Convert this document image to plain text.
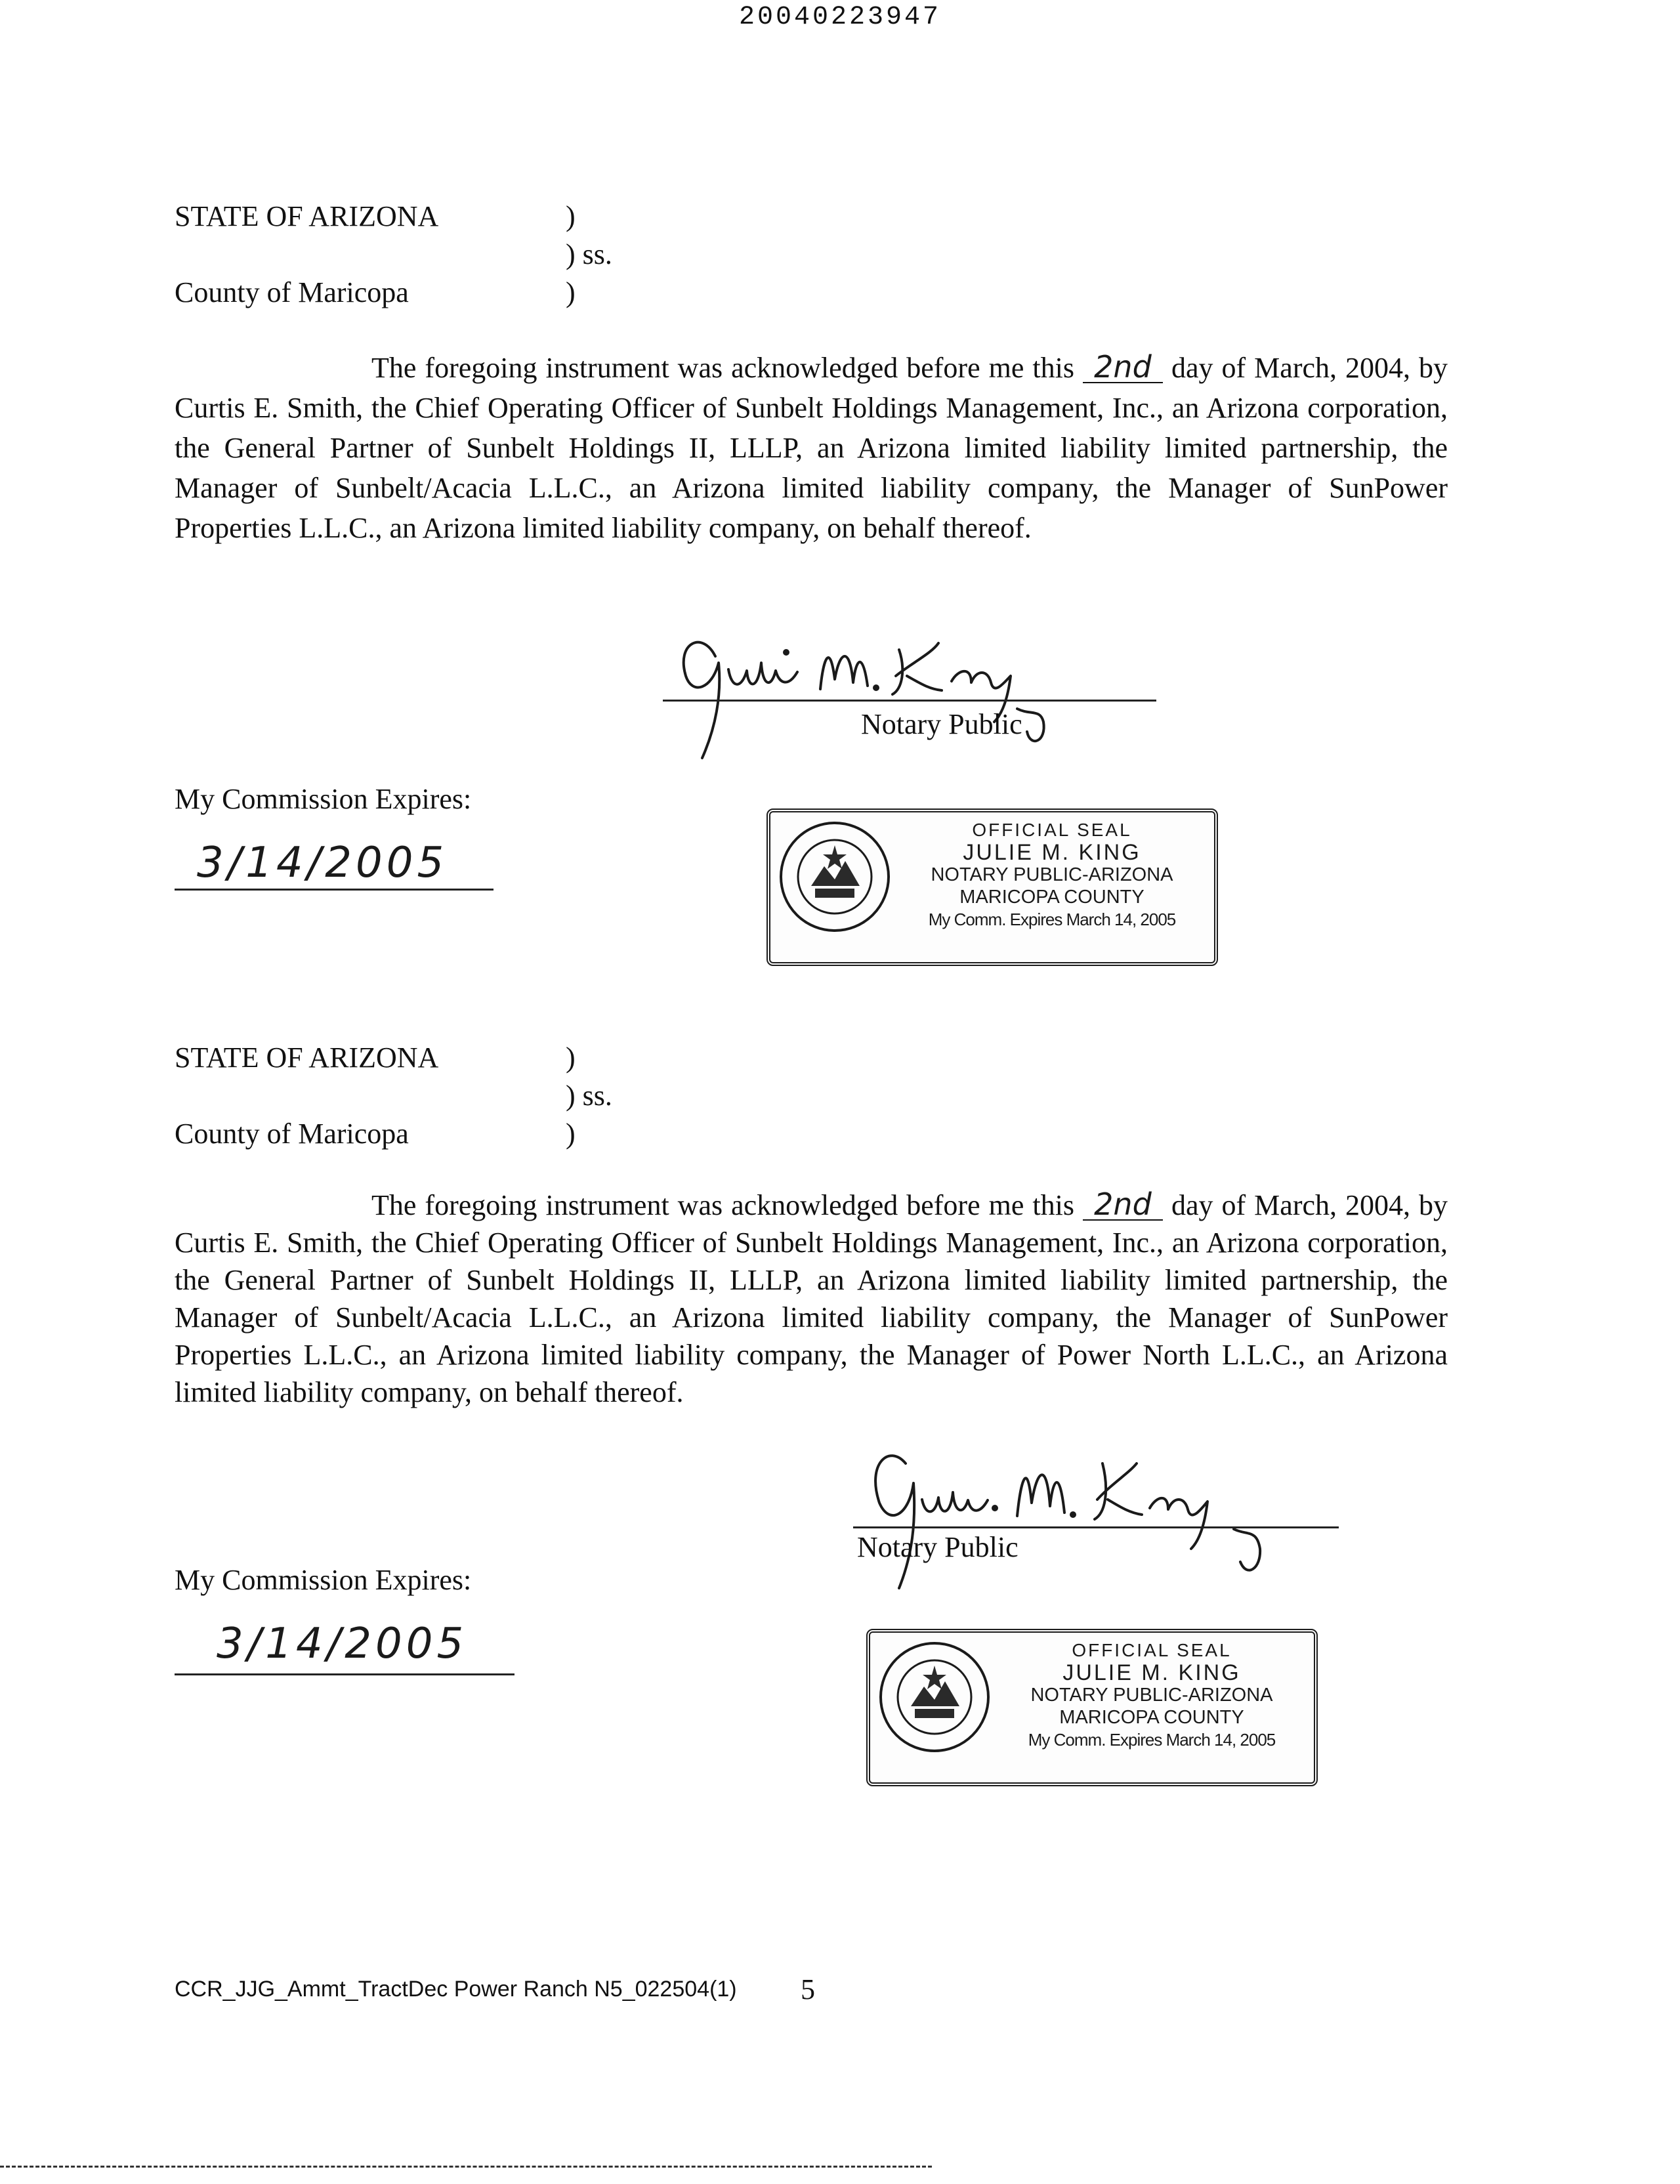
20040223947
STATE OF ARIZONA	)
) ss.
County of Maricopa	)
The foregoing instrument was acknowledged before me this 2nd day of March, 2004, by Curtis E. Smith, the Chief Operating Officer of Sunbelt Holdings Management, Inc., an Arizona corporation, the General Partner of Sunbelt Holdings II, LLLP, an Arizona limited liability limited partnership, the Manager of Sunbelt/Acacia L.L.C., an Arizona limited liability company, the Manager of SunPower Properties L.L.C., an Arizona limited liability company, on behalf thereof.
Notary Public
My Commission Expires:
3/14/2005
OFFICIAL SEAL
JULIE M. KING
NOTARY PUBLIC-ARIZONA
MARICOPA COUNTY
My Comm. Expires March 14, 2005
STATE OF ARIZONA	)
) ss.
County of Maricopa	)
The foregoing instrument was acknowledged before me this 2nd day of March, 2004, by Curtis E. Smith, the Chief Operating Officer of Sunbelt Holdings Management, Inc., an Arizona corporation, the General Partner of Sunbelt Holdings II, LLLP, an Arizona limited liability limited partnership, the Manager of Sunbelt/Acacia L.L.C., an Arizona limited liability company, the Manager of SunPower Properties L.L.C., an Arizona limited liability company, the Manager of Power North L.L.C., an Arizona limited liability company, on behalf thereof.
Notary Public
My Commission Expires:
3/14/2005	OFFICIAL SEAL
JULIE M. KING
NOTARY PUBLIC-ARIZONA
MARICOPA COUNTY
My Comm. Expires March 14, 2005
CCR_JJG_Ammt_TractDec Power Ranch N5_022504(1) 5
